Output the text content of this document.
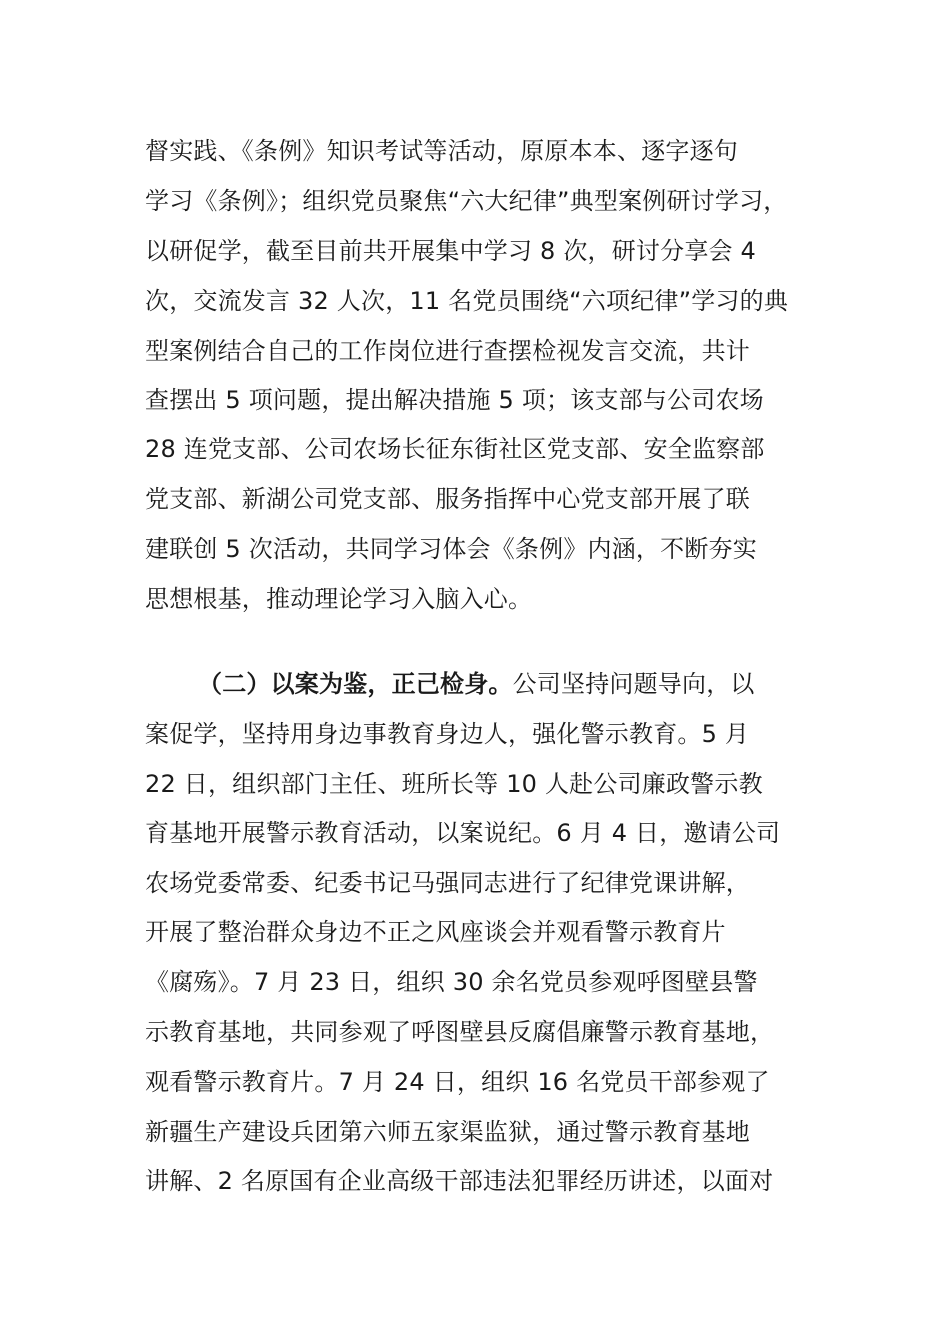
督实践、《条例》知识考试等活动，原原本本、逐字逐句
学习《条例》；组织党员聚焦“六大纪律”典型案例研讨学习，
以研促学，截至目前共开展集中学习 8 次，研讨分享会 4
次，交流发言 32 人次，11 名党员围绕“六项纪律”学习的典
型案例结合自己的工作岗位进行查摆检视发言交流，共计
查摆出 5 项问题，提出解决措施 5 项；该支部与公司农场
28 连党支部、公司农场长征东街社区党支部、安全监察部
党支部、新湖公司党支部、服务指挥中心党支部开展了联
建联创 5 次活动，共同学习体会《条例》内涵，不断夯实
思想根基，推动理论学习入脑入心。
（二）以案为鉴，正己检身。公司坚持问题导向，以
案促学，坚持用身边事教育身边人，强化警示教育。5 月
22 日，组织部门主任、班所长等 10 人赴公司廉政警示教
育基地开展警示教育活动，以案说纪。6 月 4 日，邀请公司
农场党委常委、纪委书记马强同志进行了纪律党课讲解，
开展了整治群众身边不正之风座谈会并观看警示教育片
《腐殇》。7 月 23 日，组织 30 余名党员参观呼图壁县警
示教育基地，共同参观了呼图壁县反腐倡廉警示教育基地，
观看警示教育片。7 月 24 日，组织 16 名党员干部参观了
新疆生产建设兵团第六师五家渠监狱，通过警示教育基地
讲解、2 名原国有企业高级干部违法犯罪经历讲述，以面对
